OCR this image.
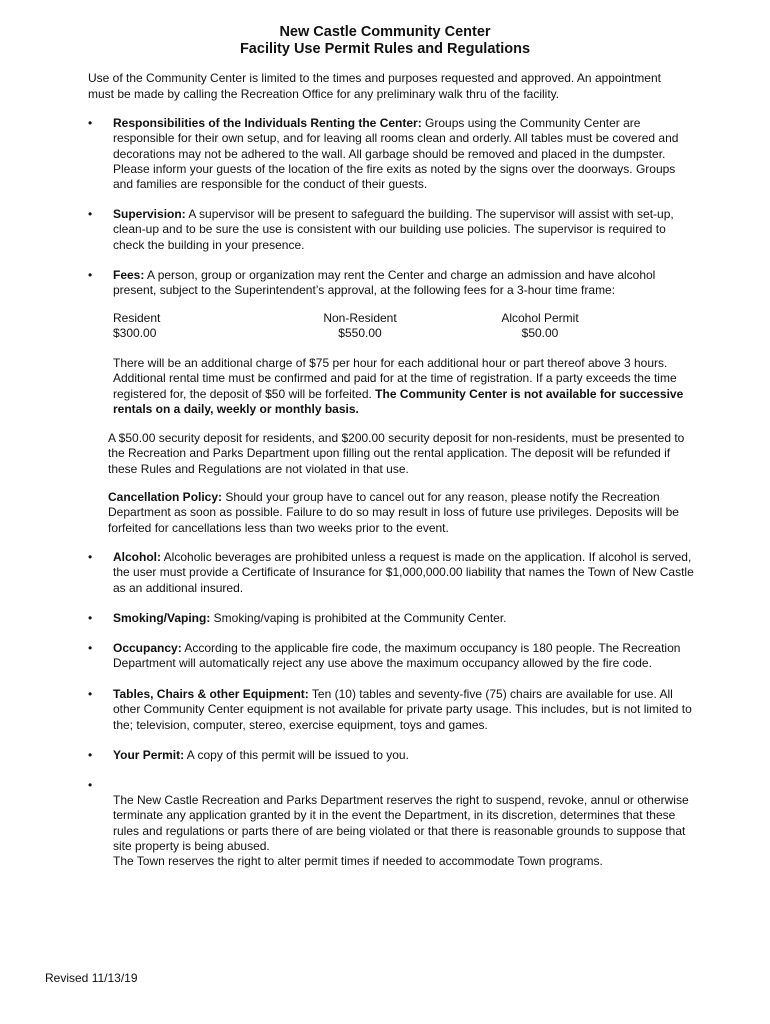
New Castle Community Center
Facility Use Permit Rules and Regulations
Use of the Community Center is limited to the times and purposes requested and approved. An appointment
must be made by calling the Recreation Office for any preliminary walk thru of the facility.
Revised 11/13/19
• Responsibilities of the Individuals Renting the Center: Groups using the Community Center are
responsible for their own setup, and for leaving all rooms clean and orderly. All tables must be covered and
decorations may not be adhered to the wall. All garbage should be removed and placed in the dumpster.
Please inform your guests of the location of the fire exits as noted by the signs over the doorways. Groups
and families are responsible for the conduct of their guests.
• Supervision: A supervisor will be present to safeguard the building. The supervisor will assist with set-up,
clean-up and to be sure the use is consistent with our building use policies. The supervisor is required to
check the building in your presence.
• Fees: A person, group or organization may rent the Center and charge an admission and have alcohol
present, subject to the Superintendent’s approval, at the following fees for a 3-hour time frame:
Resident
$300.00
Non-Resident
$550.00
Alcohol Permit
$50.00
There will be an additional charge of $75 per hour for each additional hour or part thereof above 3 hours.
Additional rental time must be confirmed and paid for at the time of registration. If a party exceeds the time
registered for, the deposit of $50 will be forfeited. The Community Center is not available for successive
rentals on a daily, weekly or monthly basis.
A $50.00 security deposit for residents, and $200.00 security deposit for non-residents, must be presented to
the Recreation and Parks Department upon filling out the rental application. The deposit will be refunded if
these Rules and Regulations are not violated in that use.
Cancellation Policy: Should your group have to cancel out for any reason, please notify the Recreation
Department as soon as possible. Failure to do so may result in loss of future use privileges. Deposits will be
forfeited for cancellations less than two weeks prior to the event.
• Alcohol: Alcoholic beverages are prohibited unless a request is made on the application. If alcohol is served,
the user must provide a Certificate of Insurance for $1,000,000.00 liability that names the Town of New Castle
as an additional insured.
• Smoking/Vaping: Smoking/vaping is prohibited at the Community Center.
• Occupancy: According to the applicable fire code, the maximum occupancy is 180 people. The Recreation
Department will automatically reject any use above the maximum occupancy allowed by the fire code.
• Tables, Chairs & other Equipment: Ten (10) tables and seventy-five (75) chairs are available for use. All
other Community Center equipment is not available for private party usage. This includes, but is not limited to
the; television, computer, stereo, exercise equipment, toys and games.
• Your Permit: A copy of this permit will be issued to you.
•
The New Castle Recreation and Parks Department reserves the right to suspend, revoke, annul or otherwise
terminate any application granted by it in the event the Department, in its discretion, determines that these
rules and regulations or parts there of are being violated or that there is reasonable grounds to suppose that
site property is being abused.
The Town reserves the right to alter permit times if needed to accommodate Town programs.
